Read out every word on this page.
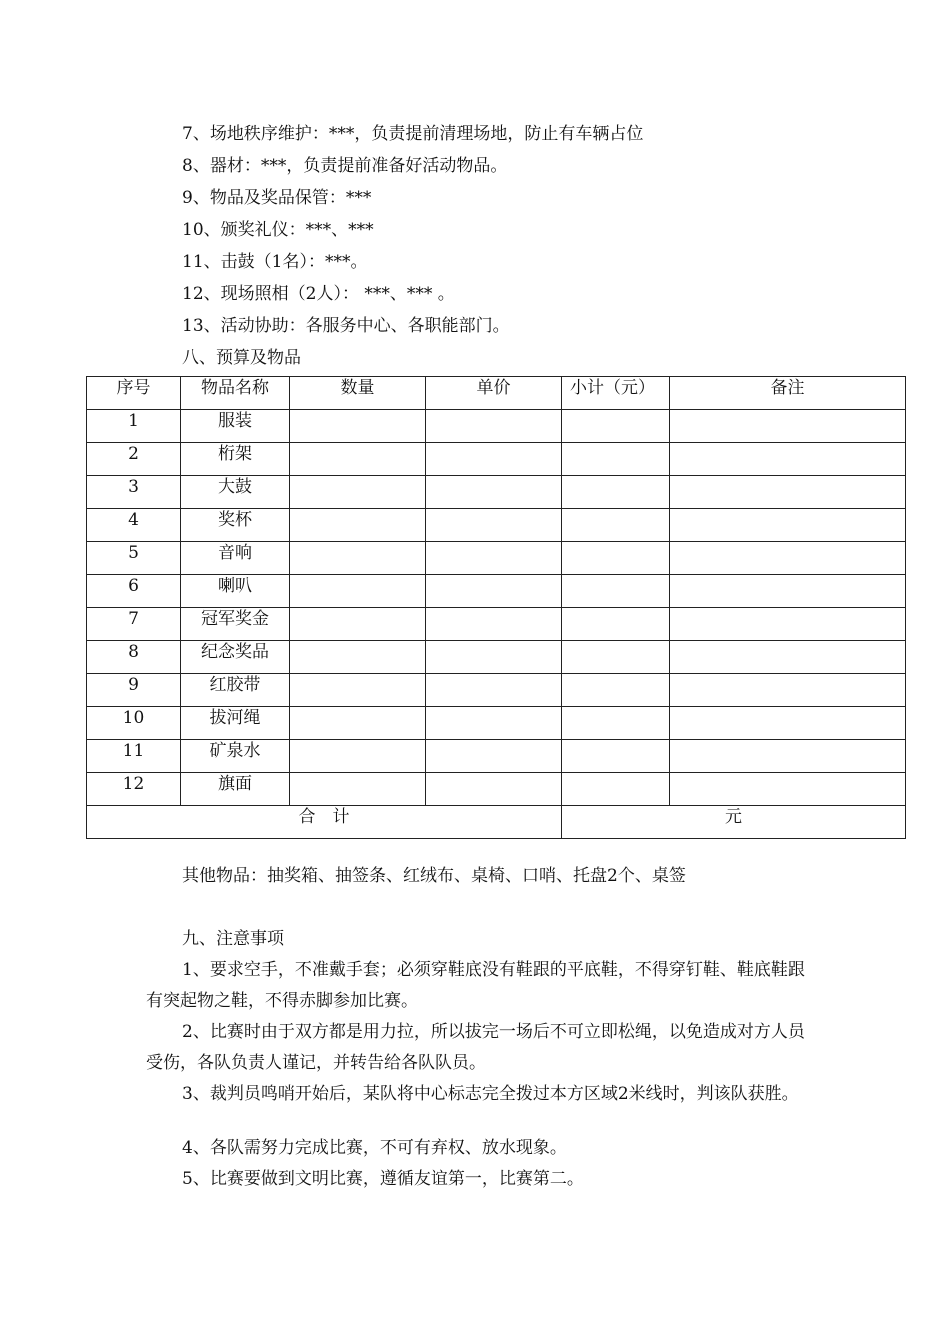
7、场地秩序维护：***，负责提前清理场地，防止有车辆占位
8、器材：***，负责提前准备好活动物品。
9、物品及奖品保管：***
10、颁奖礼仪：***、***
11、击鼓（1名）：***。
12、现场照相（2人）： ***、*** 。
13、活动协助：各服务中心、各职能部门。
八、预算及物品
序号	物品名称	数量	单价	小计（元）	备注
1	服装				
2	桁架				
3	大鼓				
4	奖杯				
5	音响				
6	喇叭				
7	冠军奖金				
8	纪念奖品				
9	红胶带				
10	拔河绳				
11	矿泉水				
12	旗面				
合　计				元	
其他物品：抽奖箱、抽签条、红绒布、桌椅、口哨、托盘2个、桌签
九、注意事项
1、要求空手，不准戴手套；必须穿鞋底没有鞋跟的平底鞋，不得穿钉鞋、鞋底鞋跟有突起物之鞋，不得赤脚参加比赛。
2、比赛时由于双方都是用力拉，所以拔完一场后不可立即松绳，以免造成对方人员受伤，各队负责人谨记，并转告给各队队员。
3、裁判员鸣哨开始后，某队将中心标志完全拨过本方区域2米线时，判该队获胜。
4、各队需努力完成比赛，不可有弃权、放水现象。
5、比赛要做到文明比赛，遵循友谊第一，比赛第二。
